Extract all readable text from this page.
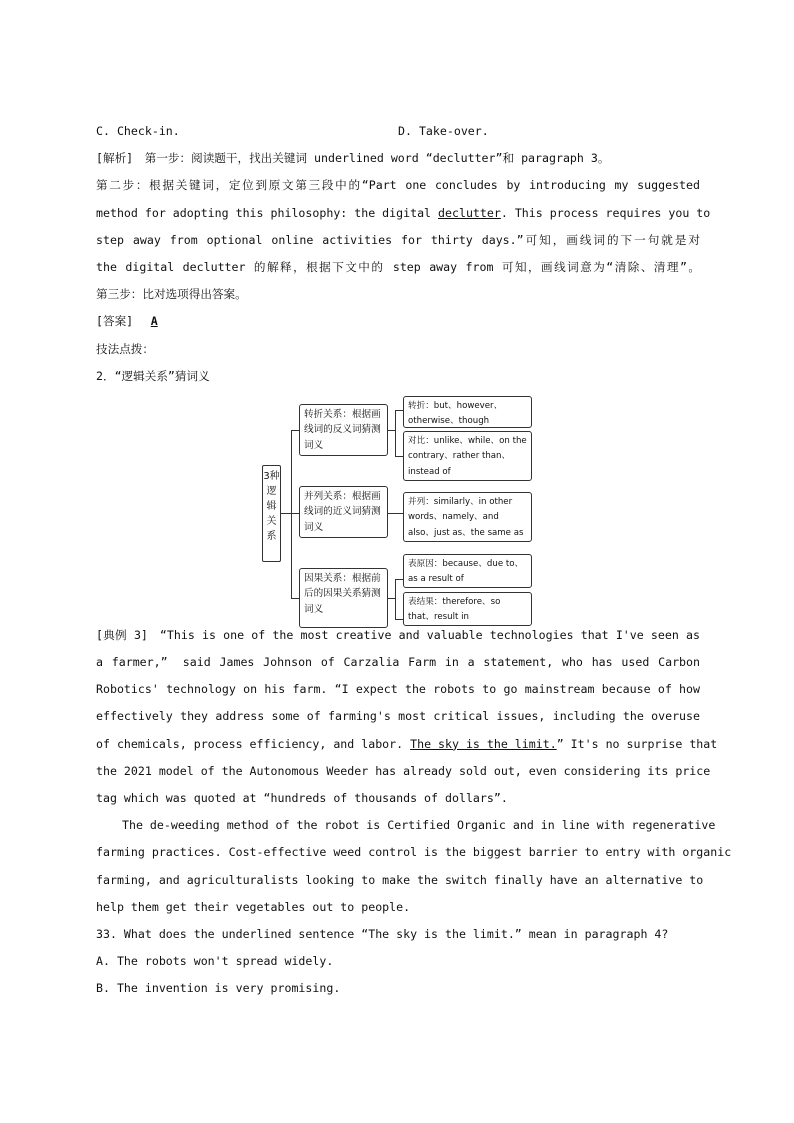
C. Check-in.	D. Take-over.
[解析]　第一步：阅读题干，找出关键词 underlined word “declutter”和 paragraph 3。
第二步：根据关键词，定位到原文第三段中的“Part one concludes by introducing my suggested
method for adopting this philosophy: the digital declutter. This process requires you to
step away from optional online activities for thirty days.”可知，画线词的下一句就是对
the digital declutter 的解释，根据下文中的 step away from 可知，画线词意为“清除、清理”。
第三步：比对选项得出答案。
[答案]　A
技法点拨：
2．“逻辑关系”猜词义
3种逻辑关系
转折关系：根据画线词的反义词猜测词义
并列关系：根据画线词的近义词猜测词义
因果关系：根据前后的因果关系猜测词义
转折：but、however、otherwise、though
对比：unlike、while、on the contrary、rather than、instead of
并列：similarly、in other words、namely、and also、just as、the same as
表原因：because、due to、as a result of
表结果：therefore、so that、result in
[典例 3]　“This is one of the most creative and valuable technologies that I've seen as
a farmer,”　said James Johnson of Carzalia Farm in a statement, who has used Carbon
Robotics' technology on his farm. “I expect the robots to go mainstream because of how
effectively they address some of farming's most critical issues, including the overuse
of chemicals, process efficiency, and labor. The sky is the limit.” It's no surprise that
the 2021 model of the Autonomous Weeder has already sold out, even considering its price
tag which was quoted at “hundreds of thousands of dollars”.
The de-weeding method of the robot is Certified Organic and in line with regenerative
farming practices. Cost-effective weed control is the biggest barrier to entry with organic
farming, and agriculturalists looking to make the switch finally have an alternative to
help them get their vegetables out to people.
33. What does the underlined sentence “The sky is the limit.” mean in paragraph 4?
A. The robots won't spread widely.
B. The invention is very promising.
